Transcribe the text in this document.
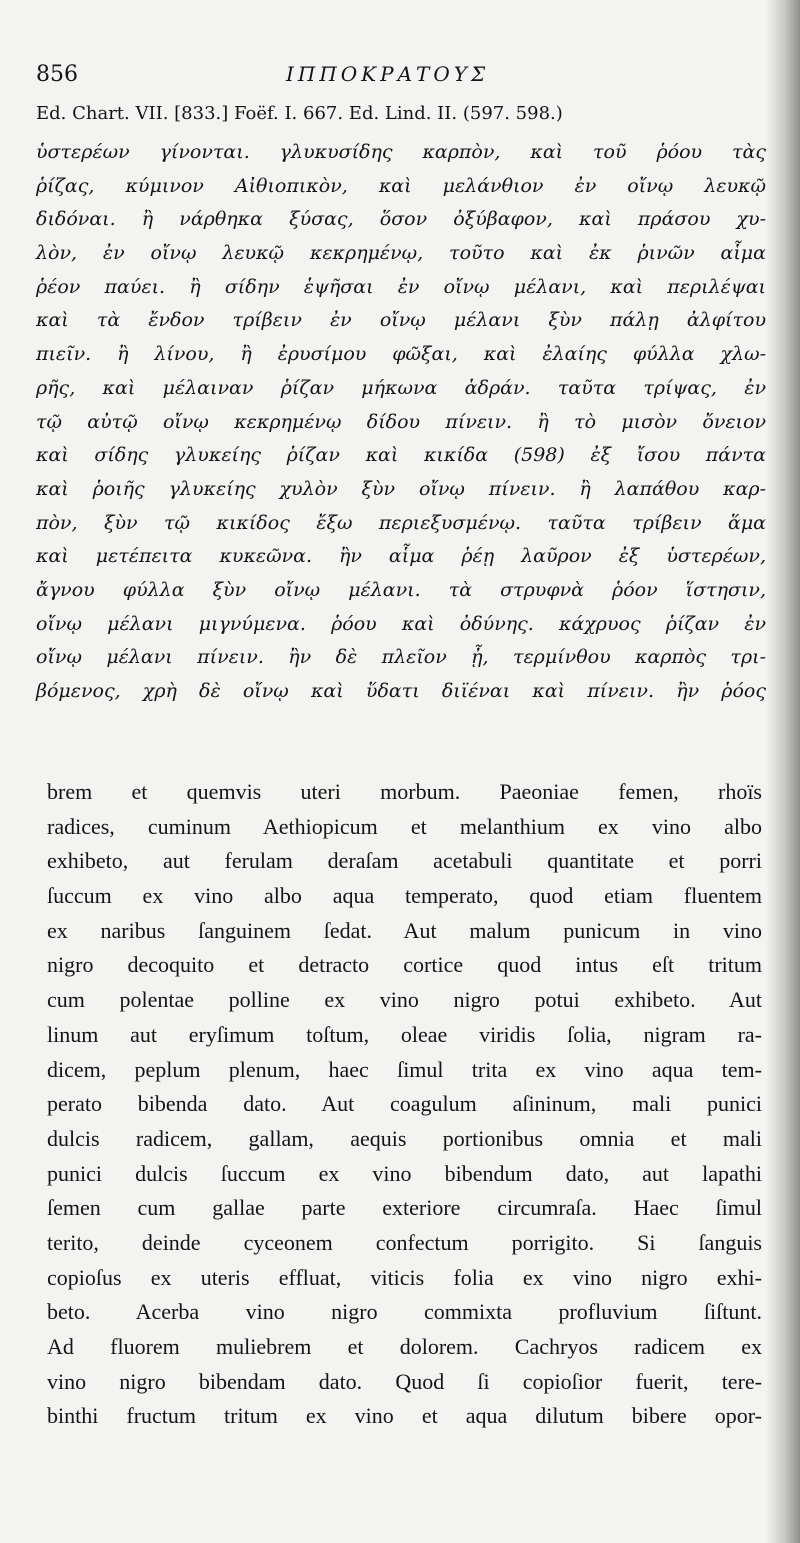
856	ΙΠΠΟΚΡΑΤΟΥΣ
Ed. Chart. VII. [833.] Foëf. I. 667. Ed. Lind. II. (597. 598.)
ὑστερέων γίνονται. γλυκυσίδης καρπὸν, καὶ τοῦ ῥόου τὰς
ῥίζας, κύμινον Αἰθιοπικὸν, καὶ μελάνθιον ἐν οἴνῳ λευκῷ
διδόναι. ἢ νάρθηκα ξύσας, ὅσον ὀξύβαφον, καὶ πράσου χυ-
λὸν, ἐν οἴνῳ λευκῷ κεκρημένῳ, τοῦτο καὶ ἐκ ῥινῶν αἷμα
ῥέον παύει. ἢ σίδην ἑψῆσαι ἐν οἴνῳ μέλανι, καὶ περιλέψαι
καὶ τὰ ἔνδον τρίβειν ἐν οἴνῳ μέλανι ξὺν πάλῃ ἀλφίτου
πιεῖν. ἢ λίνου, ἢ ἐρυσίμου φῶξαι, καὶ ἐλαίης φύλλα χλω-
ρῆς, καὶ μέλαιναν ῥίζαν μήκωνα ἁδράν. ταῦτα τρίψας, ἐν
τῷ αὐτῷ οἴνῳ κεκρημένῳ δίδου πίνειν. ἢ τὸ μισὸν ὄνειον
καὶ σίδης γλυκείης ῥίζαν καὶ κικίδα (598) ἐξ ἴσου πάντα
καὶ ῥοιῆς γλυκείης χυλὸν ξὺν οἴνῳ πίνειν. ἢ λαπάθου καρ-
πὸν, ξὺν τῷ κικίδος ἔξω περιεξυσμένῳ. ταῦτα τρίβειν ἅμα
καὶ μετέπειτα κυκεῶνα. ἢν αἷμα ῥέῃ λαῦρον ἐξ ὑστερέων,
ἄγνου φύλλα ξὺν οἴνῳ μέλανι. τὰ στρυφνὰ ῥόον ἵστησιν,
οἴνῳ μέλανι μιγνύμενα. ῥόου καὶ ὀδύνης. κάχρυος ῥίζαν ἐν
οἴνῳ μέλανι πίνειν. ἢν δὲ πλεῖον ᾖ, τερμίνθου καρπὸς τρι-
βόμενος, χρὴ δὲ οἴνῳ καὶ ὕδατι διϊέναι καὶ πίνειν. ἢν ῥόος
brem et quemvis uteri morbum. Paeoniae femen, rhoïs
radices, cuminum Aethiopicum et melanthium ex vino albo
exhibeto, aut ferulam deraſam acetabuli quantitate et porri
ſuccum ex vino albo aqua temperato, quod etiam fluentem
ex naribus ſanguinem ſedat. Aut malum punicum in vino
nigro decoquito et detracto cortice quod intus eſt tritum
cum polentae polline ex vino nigro potui exhibeto. Aut
linum aut eryſimum toſtum, oleae viridis ſolia, nigram ra-
dicem, peplum plenum, haec ſimul trita ex vino aqua tem-
perato bibenda dato. Aut coagulum aſininum, mali punici
dulcis radicem, gallam, aequis portionibus omnia et mali
punici dulcis ſuccum ex vino bibendum dato, aut lapathi
ſemen cum gallae parte exteriore circumraſa. Haec ſimul
terito, deinde cyceonem confectum porrigito. Si ſanguis
copioſus ex uteris effluat, viticis folia ex vino nigro exhi-
beto. Acerba vino nigro commixta profluvium ſiſtunt.
Ad fluorem muliebrem et dolorem. Cachryos radicem ex
vino nigro bibendam dato. Quod ſi copioſior fuerit, tere-
binthi fructum tritum ex vino et aqua dilutum bibere opor-
